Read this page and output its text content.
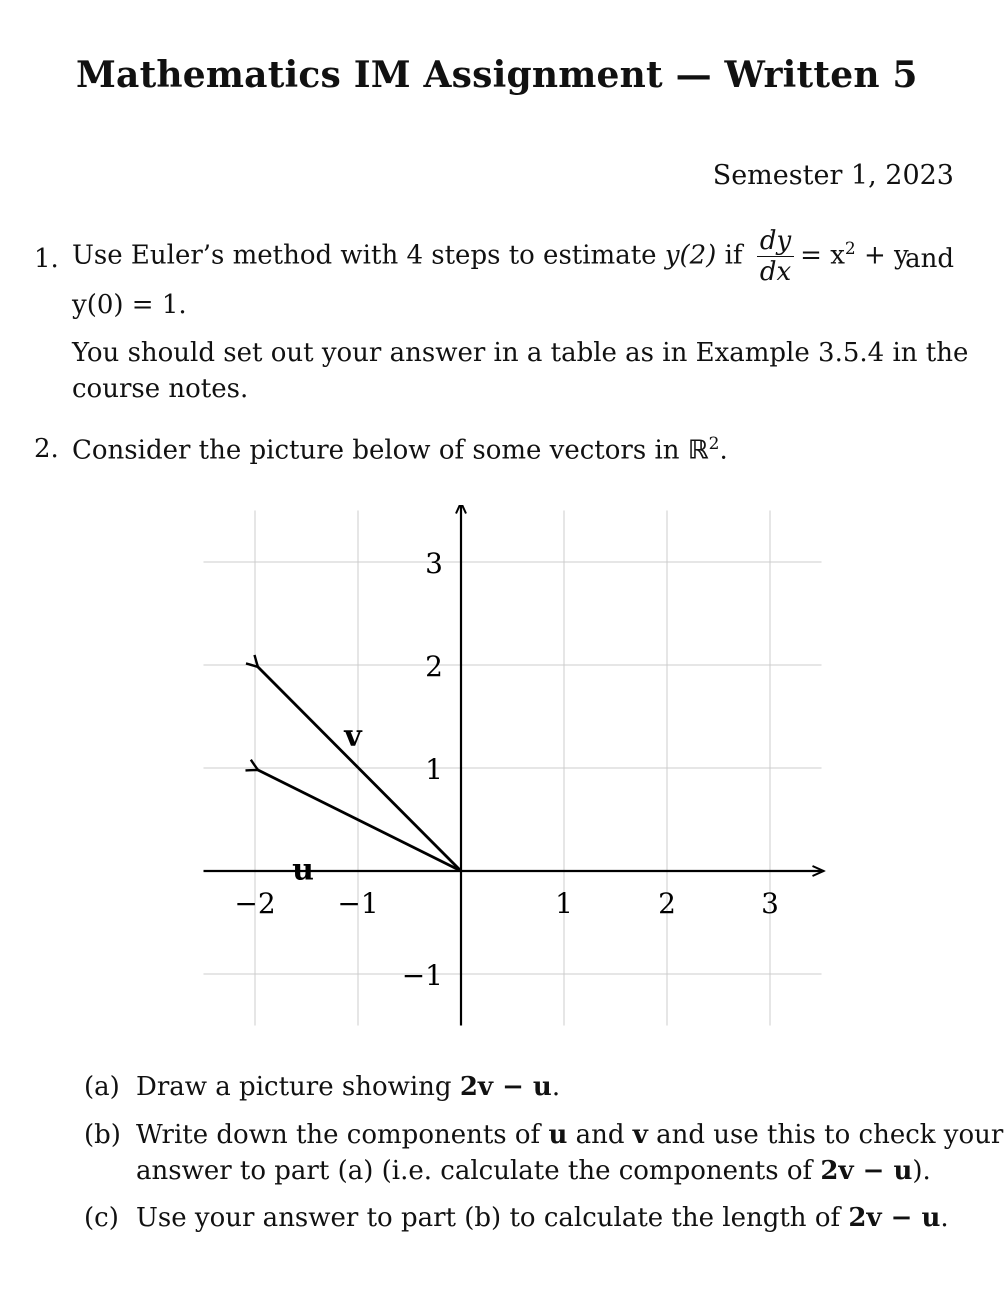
Mathematics IM Assignment — Written 5
Semester 1, 2023
1. Use Euler’s method with 4 steps to estimate y(2) if $\frac{dy}{dx} = x^2 + y$
and
y(0) = 1.
You should set out your answer in a table as in Example 3.5.4 in the
course notes.
2. Consider the picture below of some vectors in ℝ$^2$.
−2 −1	1	2	3
3
2
1
−1
u
v
(a) Draw a picture showing 2v − u.
(b) Write down the components of u and v and use this to check your
answer to part (a) (i.e. calculate the components of 2v − u).
(c) Use your answer to part (b) to calculate the length of 2v − u.
